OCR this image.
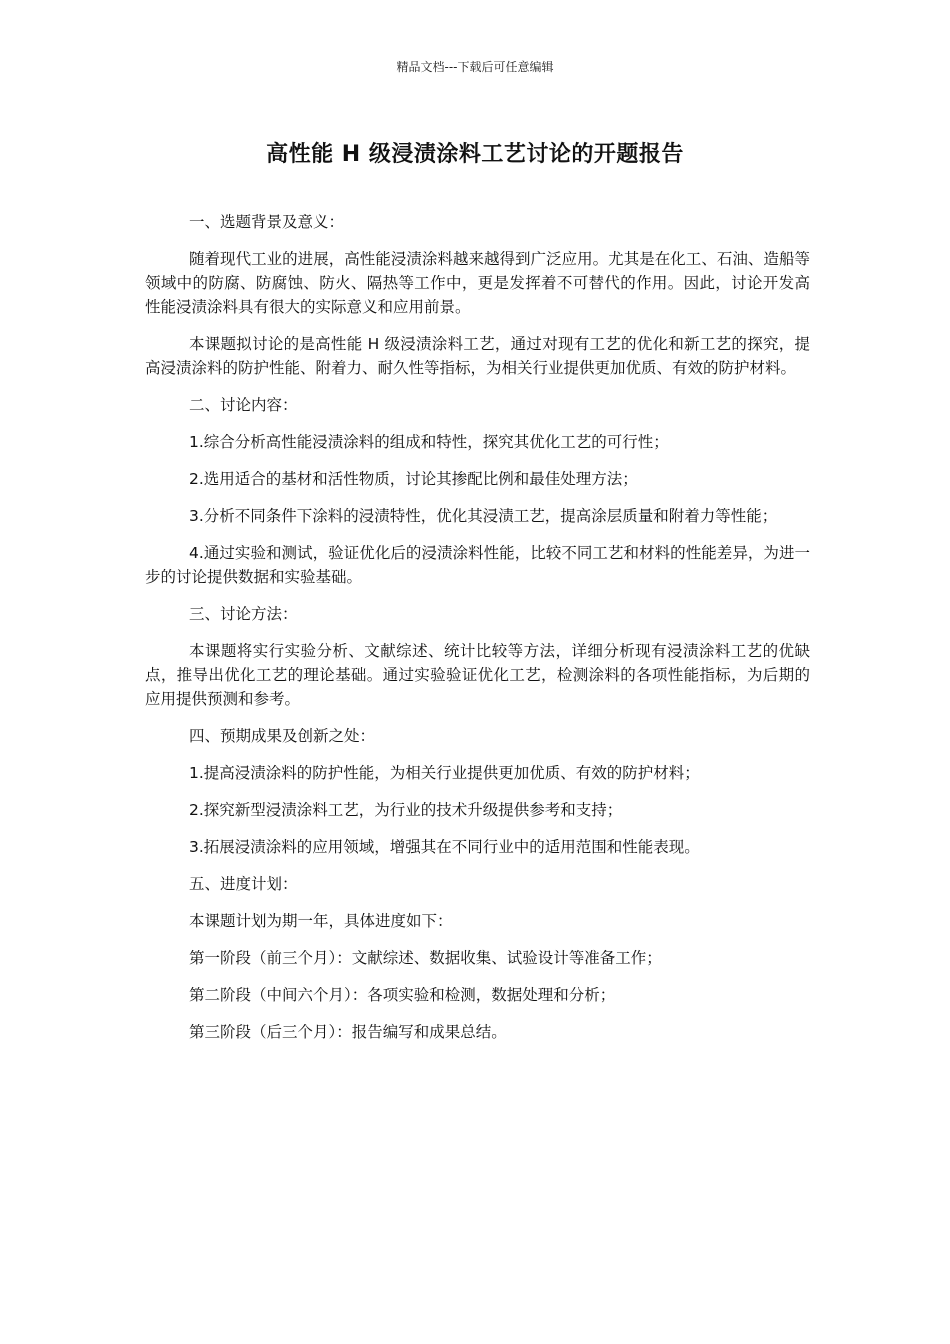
精品文档---下载后可任意编辑
高性能 H 级浸渍涂料工艺讨论的开题报告

一、选题背景及意义：

随着现代工业的进展，高性能浸渍涂料越来越得到广泛应用。尤其是在化工、石油、造船等领域中的防腐、防腐蚀、防火、隔热等工作中，更是发挥着不可替代的作用。因此，讨论开发高性能浸渍涂料具有很大的实际意义和应用前景。

本课题拟讨论的是高性能 H 级浸渍涂料工艺，通过对现有工艺的优化和新工艺的探究，提高浸渍涂料的防护性能、附着力、耐久性等指标，为相关行业提供更加优质、有效的防护材料。

二、讨论内容：

1.综合分析高性能浸渍涂料的组成和特性，探究其优化工艺的可行性；

2.选用适合的基材和活性物质，讨论其掺配比例和最佳处理方法；

3.分析不同条件下涂料的浸渍特性，优化其浸渍工艺，提高涂层质量和附着力等性能；

4.通过实验和测试，验证优化后的浸渍涂料性能，比较不同工艺和材料的性能差异，为进一步的讨论提供数据和实验基础。

三、讨论方法：

本课题将实行实验分析、文献综述、统计比较等方法，详细分析现有浸渍涂料工艺的优缺点，推导出优化工艺的理论基础。通过实验验证优化工艺，检测涂料的各项性能指标，为后期的应用提供预测和参考。

四、预期成果及创新之处：

1.提高浸渍涂料的防护性能，为相关行业提供更加优质、有效的防护材料；

2.探究新型浸渍涂料工艺，为行业的技术升级提供参考和支持；

3.拓展浸渍涂料的应用领域，增强其在不同行业中的适用范围和性能表现。

五、进度计划：

本课题计划为期一年，具体进度如下：

第一阶段（前三个月）：文献综述、数据收集、试验设计等准备工作；

第二阶段（中间六个月）：各项实验和检测，数据处理和分析；

第三阶段（后三个月）：报告编写和成果总结。
